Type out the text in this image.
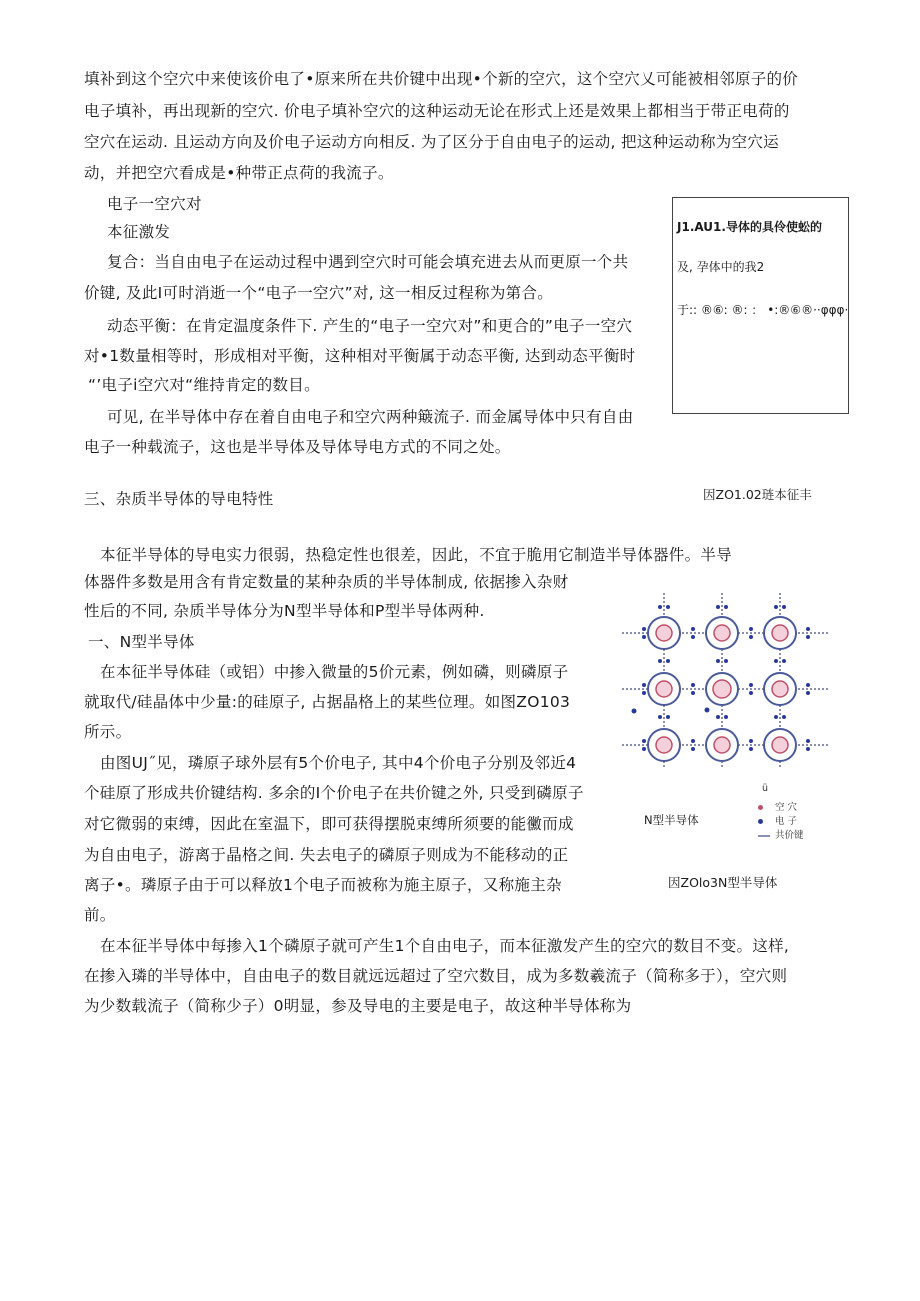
填补到这个空穴中来使该价电了•原来所在共价键中出现•个新的空穴，这个空穴乂可能被相邻原子的价
电子填补，再出现新的空穴. 价电子填补空穴的这种运动无论在形式上还是效果上都相当于带正电荷的
空穴在运动. 且运动方向及价电子运动方向相反. 为了区分于自由电子的运动, 把这种运动称为空穴运
动，并把空穴看成是•种带正点荷的我流子。
电子一空穴对
本征激发
复合：当自由电子在运动过程中遇到空穴时可能会填充进去从而更原一个共
价键, 及此I可时消逝一个“电子一空穴”对, 这一相反过程称为第合。
动态平衡：在肯定温度条件下. 产生的“电子一空穴对”和更合的”电子一空穴
对•1数量相等时，形成相对平衡，这种相对平衡属于动态平衡, 达到动态平衡时
“’电子i空穴对“维持肯定的数目。
可见, 在半导体中存在着自由电子和空穴两种簸流子. 而金属导体中只有自由
电子一种载流子，这也是半导体及导体导电方式的不同之处。
J1.AU1.导体的具伶使蚣的
及, 孕体中的我2
于:: ®⑥: ®: ： •:®⑥®··φφφ·
因ZO1.02琏本征丰
三、杂质半导体的导电特性
本征半导体的导电实力很弱，热稳定性也很差，因此，不宜于脆用它制造半导体器件。半导
体器件多数是用含有肯定数量的某种杂质的半导体制成, 依据掺入杂财
性后的不同, 杂质半导体分为N型半导体和P型半导体两种.
一、N型半导体
在本征半导体硅（或铝）中掺入微量的5价元素，例如磷，则磷原子
就取代/硅晶体中少量:的硅原子, 占据晶格上的某些位理。如图ZO103
所示。
由图UJ˝见，璘原子球外层有5个价电子, 其中4个价电子分别及邻近4
个硅原了形成共价键结构. 多余的I个价电子在共价键之外, 只受到磷原子
对它微弱的束缚，因此在室温下，即可获得摆脱束缚所须要的能黴而成
为自由电子，游离于晶格之间. 失去电子的磷原子则成为不能移动的正
离子•。璘原子由于可以释放1个电子而被称为施主原子，又称施主杂
前。
在本征半导体中每掺入1个磷原子就可产生1个自由电子，而本征激发产生的空穴的数目不变。这样,
在掺入璘的半导体中，自由电子的数目就远远超过了空穴数目，成为多数羲流子（简称多于），空穴则
为少数载流子（简称少子）0明显，参及导电的主要是电子，故这种半导体称为
N型半导体
ü
空 穴
电 子
共价键
因ZOlo3N型半导体
